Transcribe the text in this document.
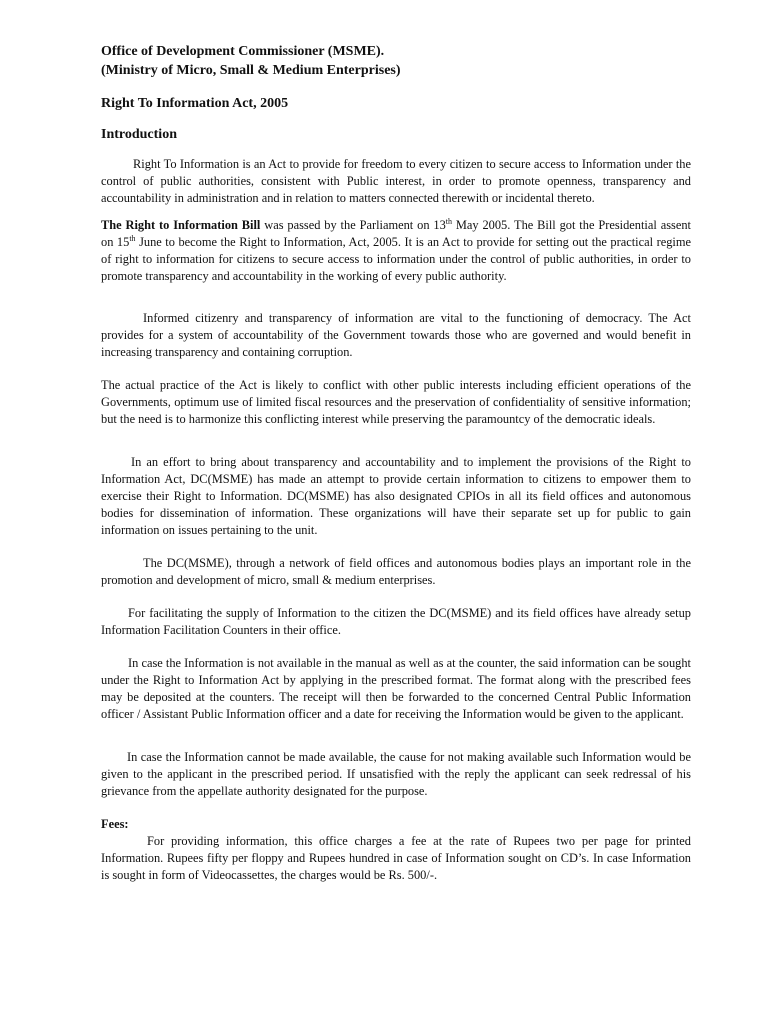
Office of Development Commissioner (MSME).

(Ministry of Micro, Small & Medium Enterprises)

Right To Information Act, 2005

Introduction

Right To Information is an Act to provide for freedom to every citizen to secure access to Information under the control of public authorities, consistent with Public interest, in order to promote openness, transparency and accountability in administration and in relation to matters connected therewith or incidental thereto.

The Right to Information Bill was passed by the Parliament on 13th May 2005. The Bill got the Presidential assent on 15th June to become the Right to Information, Act, 2005. It is an Act to provide for setting out the practical regime of right to information for citizens to secure access to information under the control of public authorities, in order to promote transparency and accountability in the working of every public authority.

Informed citizenry and transparency of information are vital to the functioning of democracy. The Act provides for a system of accountability of the Government towards those who are governed and would benefit in increasing transparency and containing corruption.

The actual practice of the Act is likely to conflict with other public interests including efficient operations of the Governments, optimum use of limited fiscal resources and the preservation of confidentiality of sensitive information; but the need is to harmonize this conflicting interest while preserving the paramountcy of the democratic ideals.

In an effort to bring about transparency and accountability and to implement the provisions of the Right to Information Act, DC(MSME) has made an attempt to provide certain information to citizens to empower them to exercise their Right to Information. DC(MSME) has also designated CPIOs in all its field offices and autonomous bodies for dissemination of information. These organizations will have their separate set up for public to gain information on issues pertaining to the unit.

The DC(MSME), through a network of field offices and autonomous bodies plays an important role in the promotion and development of micro, small & medium enterprises.

For facilitating the supply of Information to the citizen the DC(MSME) and its field offices have already setup Information Facilitation Counters in their office.

In case the Information is not available in the manual as well as at the counter, the said information can be sought under the Right to Information Act by applying in the prescribed format. The format along with the prescribed fees may be deposited at the counters. The receipt will then be forwarded to the concerned Central Public Information officer / Assistant Public Information officer and a date for receiving the Information would be given to the applicant.

In case the Information cannot be made available, the cause for not making available such Information would be given to the applicant in the prescribed period. If unsatisfied with the reply the applicant can seek redressal of his grievance from the appellate authority designated for the purpose.

Fees:

For providing information, this office charges a fee at the rate of Rupees two per page for printed Information. Rupees fifty per floppy and Rupees hundred in case of Information sought on CD’s. In case Information is sought in form of Videocassettes, the charges would be Rs. 500/-.
